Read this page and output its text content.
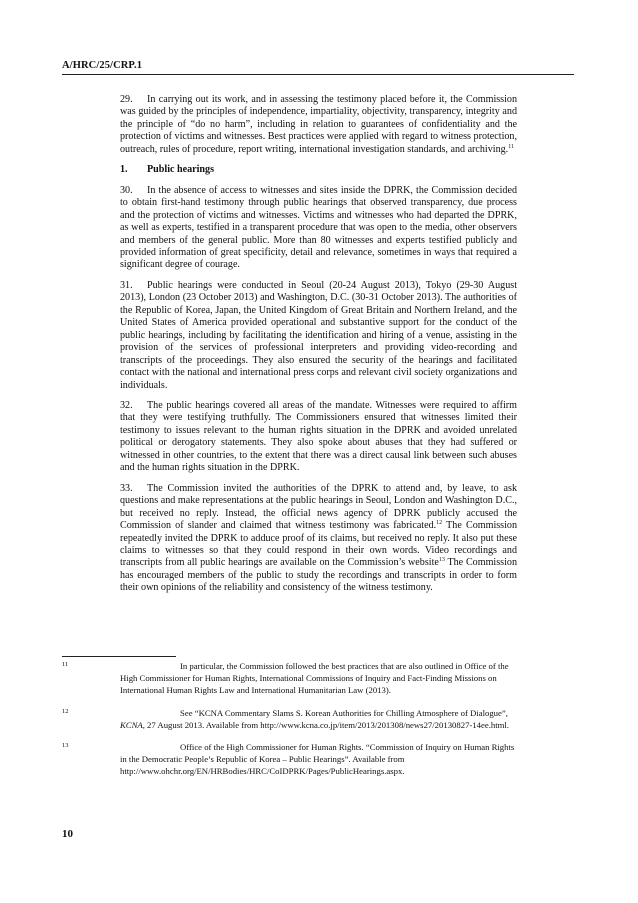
A/HRC/25/CRP.1

29. In carrying out its work, and in assessing the testimony placed before it, the Commission was guided by the principles of independence, impartiality, objectivity, transparency, integrity and the principle of “do no harm”, including in relation to guarantees of confidentiality and the protection of victims and witnesses. Best practices were applied with regard to witness protection, outreach, rules of procedure, report writing, international investigation standards, and archiving.$^{11}$

1. Public hearings

30. In the absence of access to witnesses and sites inside the DPRK, the Commission decided to obtain first-hand testimony through public hearings that observed transparency, due process and the protection of victims and witnesses. Victims and witnesses who had departed the DPRK, as well as experts, testified in a transparent procedure that was open to the media, other observers and members of the general public. More than 80 witnesses and experts testified publicly and provided information of great specificity, detail and relevance, sometimes in ways that required a significant degree of courage.

31. Public hearings were conducted in Seoul (20-24 August 2013), Tokyo (29-30 August 2013), London (23 October 2013) and Washington, D.C. (30-31 October 2013). The authorities of the Republic of Korea, Japan, the United Kingdom of Great Britain and Northern Ireland, and the United States of America provided operational and substantive support for the conduct of the public hearings, including by facilitating the identification and hiring of a venue, assisting in the provision of the services of professional interpreters and providing video-recording and transcripts of the proceedings. They also ensured the security of the hearings and facilitated contact with the national and international press corps and relevant civil society organizations and individuals.

32. The public hearings covered all areas of the mandate. Witnesses were required to affirm that they were testifying truthfully. The Commissioners ensured that witnesses limited their testimony to issues relevant to the human rights situation in the DPRK and avoided unrelated political or derogatory statements. They also spoke about abuses that they had suffered or witnessed in other countries, to the extent that there was a direct causal link between such abuses and the human rights situation in the DPRK.

33. The Commission invited the authorities of the DPRK to attend and, by leave, to ask questions and make representations at the public hearings in Seoul, London and Washington D.C., but received no reply. Instead, the official news agency of DPRK publicly accused the Commission of slander and claimed that witness testimony was fabricated.$^{12}$ The Commission repeatedly invited the DPRK to adduce proof of its claims, but received no reply. It also put these claims to witnesses so that they could respond in their own words. Video recordings and transcripts from all public hearings are available on the Commission’s website$^{13}$ The Commission has encouraged members of the public to study the recordings and transcripts in order to form their own opinions of the reliability and consistency of the witness testimony.

11	In particular, the Commission followed the best practices that are also outlined in Office of the High Commissioner for Human Rights, International Commissions of Inquiry and Fact-Finding Missions on International Human Rights Law and International Humanitarian Law (2013).
12	See “KCNA Commentary Slams S. Korean Authorities for Chilling Atmosphere of Dialogue”, KCNA, 27 August 2013. Available from http://www.kcna.co.jp/item/2013/201308/news27/20130827-14ee.html.
13	Office of the High Commissioner for Human Rights. “Commission of Inquiry on Human Rights in the Democratic People’s Republic of Korea – Public Hearings”. Available from http://www.ohchr.org/EN/HRBodies/HRC/CoIDPRK/Pages/PublicHearings.aspx.
10
